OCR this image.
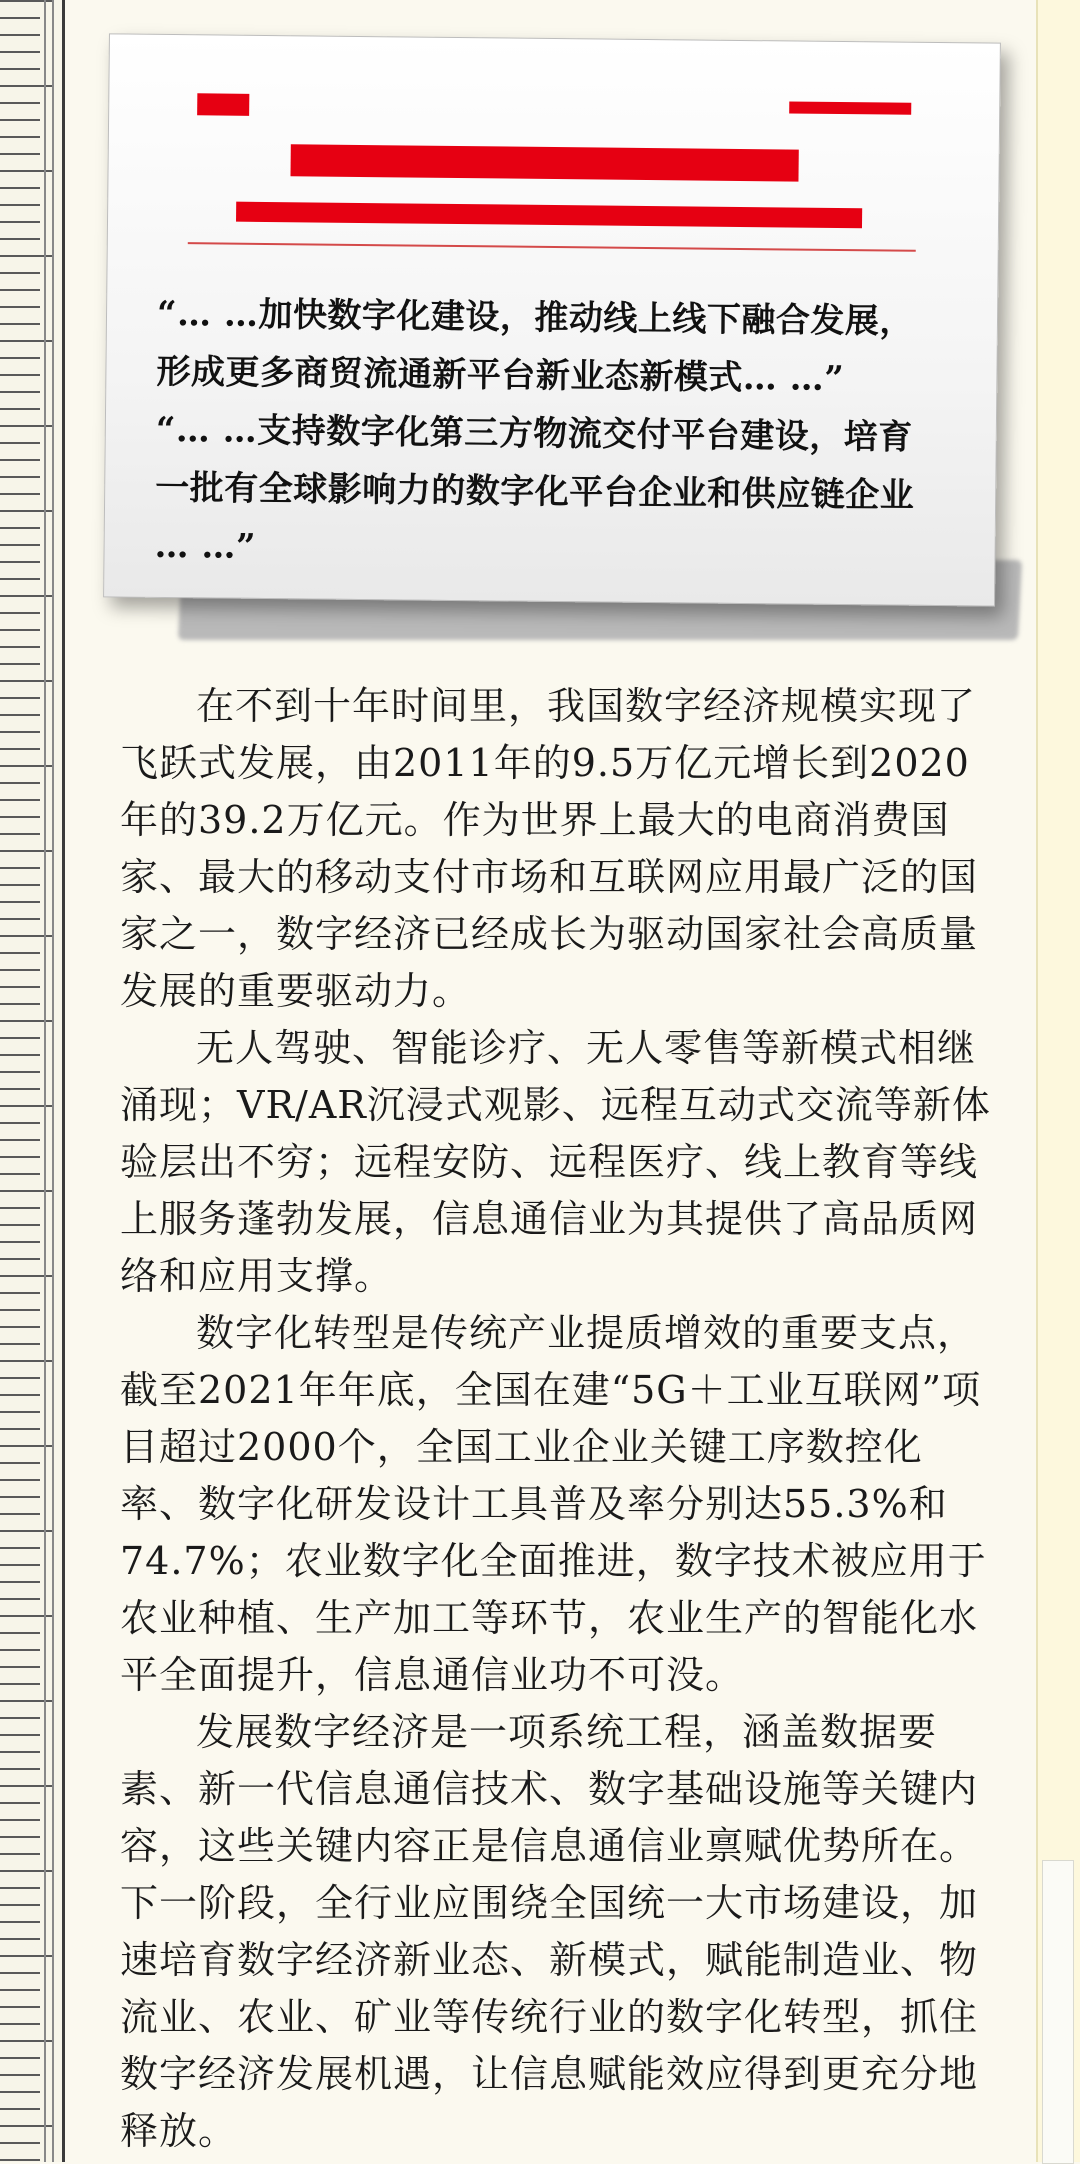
“… …加快数字化建设，推动线上线下融合发展，

形成更多商贸流通新平台新业态新模式… …”

“… …支持数字化第三方物流交付平台建设，培育

一批有全球影响力的数字化平台企业和供应链企业

… …”

在不到十年时间里，我国数字经济规模实现了飞跃式发展，由2011年的9.5万亿元增长到2020年的39.2万亿元。作为世界上最大的电商消费国家、最大的移动支付市场和互联网应用最广泛的国家之一，数字经济已经成长为驱动国家社会高质量发展的重要驱动力。

无人驾驶、智能诊疗、无人零售等新模式相继涌现；VR/AR沉浸式观影、远程互动式交流等新体验层出不穷；远程安防、远程医疗、线上教育等线上服务蓬勃发展，信息通信业为其提供了高品质网络和应用支撑。

数字化转型是传统产业提质增效的重要支点，截至2021年年底，全国在建“5G＋工业互联网”项目超过2000个，全国工业企业关键工序数控化率、数字化研发设计工具普及率分别达55.3%和74.7%；农业数字化全面推进，数字技术被应用于农业种植、生产加工等环节，农业生产的智能化水平全面提升，信息通信业功不可没。

发展数字经济是一项系统工程，涵盖数据要素、新一代信息通信技术、数字基础设施等关键内容，这些关键内容正是信息通信业禀赋优势所在。下一阶段，全行业应围绕全国统一大市场建设，加速培育数字经济新业态、新模式，赋能制造业、物流业、农业、矿业等传统行业的数字化转型，抓住数字经济发展机遇，让信息赋能效应得到更充分地释放。
